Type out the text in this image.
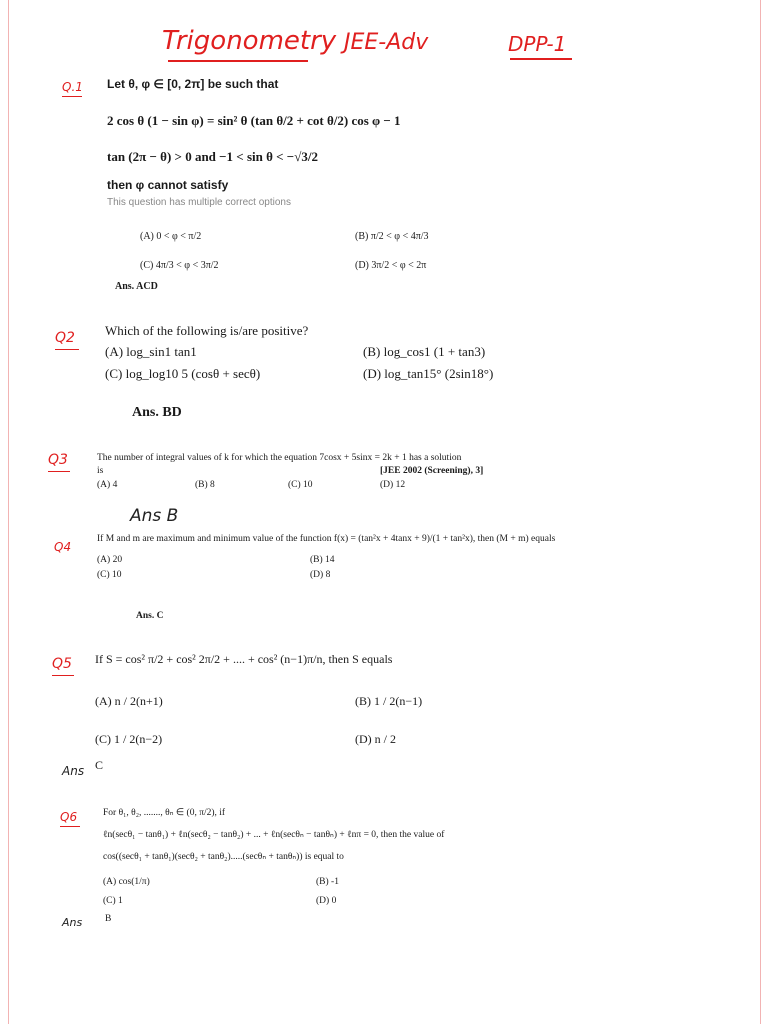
Trigonometry JEE-Adv	DPP-1
Q.1 Let θ, φ ∈ [0, 2π] be such that
2 cos θ (1 − sin φ) = sin² θ (tan θ/2 + cot θ/2) cos φ − 1
tan (2π − θ) > 0 and −1 < sin θ < −√3/2
then φ cannot satisfy
This question has multiple correct options
(A) 0 < φ < π/2	(B) π/2 < φ < 4π/3
(C) 4π/3 < φ < 3π/2	(D) 3π/2 < φ < 2π
Ans. ACD
Q2 Which of the following is/are positive?
(A) log_sin1 tan1	(B) log_cos1 (1 + tan3)
(C) log_log10 5 (cosθ + secθ)	(D) log_tan15° (2sin18°)
Ans. BD
Q3	The number of integral values of k for which the equation 7cosx + 5sinx = 2k + 1 has a solution
is	[JEE 2002 (Screening), 3]
(A) 4	(B) 8	(C) 10	(D) 12
Ans B
Q4
If M and m are maximum and minimum value of the function f(x) = (tan²x + 4tanx + 9)/(1 + tan²x), then (M + m) equals
(A) 20	(B) 14
(C) 10	(D) 8
Ans. C
Q5 If S = cos² π/2 + cos² 2π/2 + .... + cos² (n−1)π/n, then S equals
(A) n / 2(n+1)	(B) 1 / 2(n−1)
(C) 1 / 2(n−2)	(D) n / 2
Ans C
Q6	For θ₁, θ₂, ......., θₙ ∈ (0, π/2), if
ℓn(secθ₁ − tanθ₁) + ℓn(secθ₂ − tanθ₂) + ... + ℓn(secθₙ − tanθₙ) + ℓnπ = 0, then the value of
cos((secθ₁ + tanθ₁)(secθ₂ + tanθ₂).....(secθₙ + tanθₙ)) is equal to
(A) cos(1/π)	(B) -1
(C) 1	(D) 0
Ans B
